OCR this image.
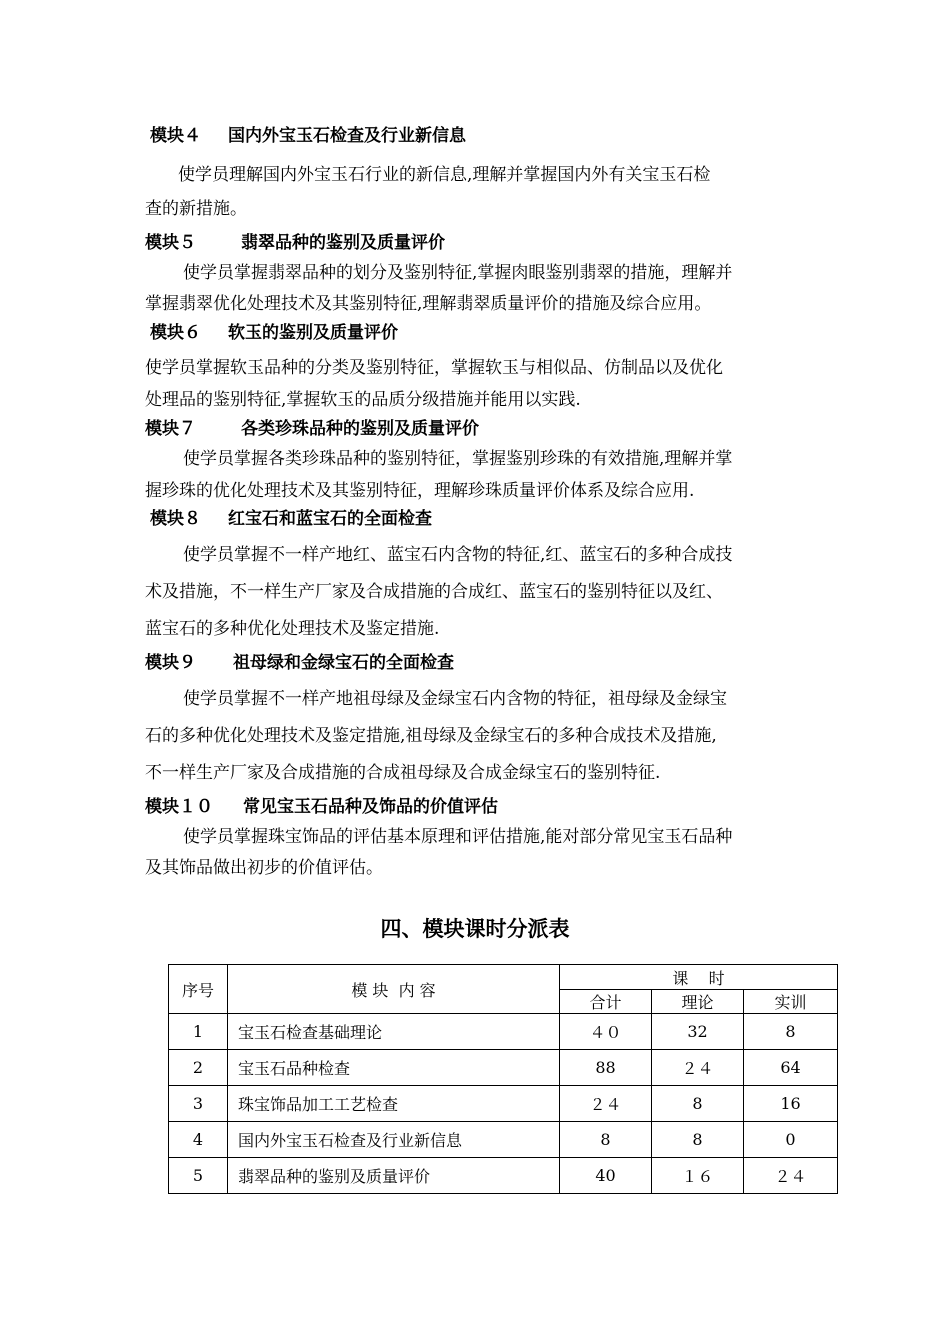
模块４ 国内外宝玉石检查及行业新信息

使学员理解国内外宝玉石行业的新信息,理解并掌握国内外有关宝玉石检
查的新措施。

模块５	翡翠品种的鉴别及质量评价

使学员掌握翡翠品种的划分及鉴别特征,掌握肉眼鉴别翡翠的措施，理解并
掌握翡翠优化处理技术及其鉴别特征,理解翡翠质量评价的措施及综合应用。

模块６ 软玉的鉴别及质量评价

使学员掌握软玉品种的分类及鉴别特征，掌握软玉与相似品、仿制品以及优化
处理品的鉴别特征,掌握软玉的品质分级措施并能用以实践.

模块７	各类珍珠品种的鉴别及质量评价

使学员掌握各类珍珠品种的鉴别特征，掌握鉴别珍珠的有效措施,理解并掌
握珍珠的优化处理技术及其鉴别特征，理解珍珠质量评价体系及综合应用.

模块８ 红宝石和蓝宝石的全面检查

使学员掌握不一样产地红、蓝宝石内含物的特征,红、蓝宝石的多种合成技
术及措施，不一样生产厂家及合成措施的合成红、蓝宝石的鉴别特征以及红、
蓝宝石的多种优化处理技术及鉴定措施.

模块９ 祖母绿和金绿宝石的全面检查

使学员掌握不一样产地祖母绿及金绿宝石内含物的特征，祖母绿及金绿宝
石的多种优化处理技术及鉴定措施,祖母绿及金绿宝石的多种合成技术及措施,
不一样生产厂家及合成措施的合成祖母绿及合成金绿宝石的鉴别特征.

模块１０ 常见宝玉石品种及饰品的价值评估

使学员掌握珠宝饰品的评估基本原理和评估措施,能对部分常见宝玉石品种
及其饰品做出初步的价值评估。

四、模块课时分派表
序号	模 块  内 容	课    时		
		合计	理论	实训
1	宝玉石检查基础理论	４０	32	8
2	宝玉石品种检查	88	２４	64
3	珠宝饰品加工工艺检查	２４	8	16
4	国内外宝玉石检查及行业新信息	8	8	0
5	翡翠品种的鉴别及质量评价	40	１６	２４
